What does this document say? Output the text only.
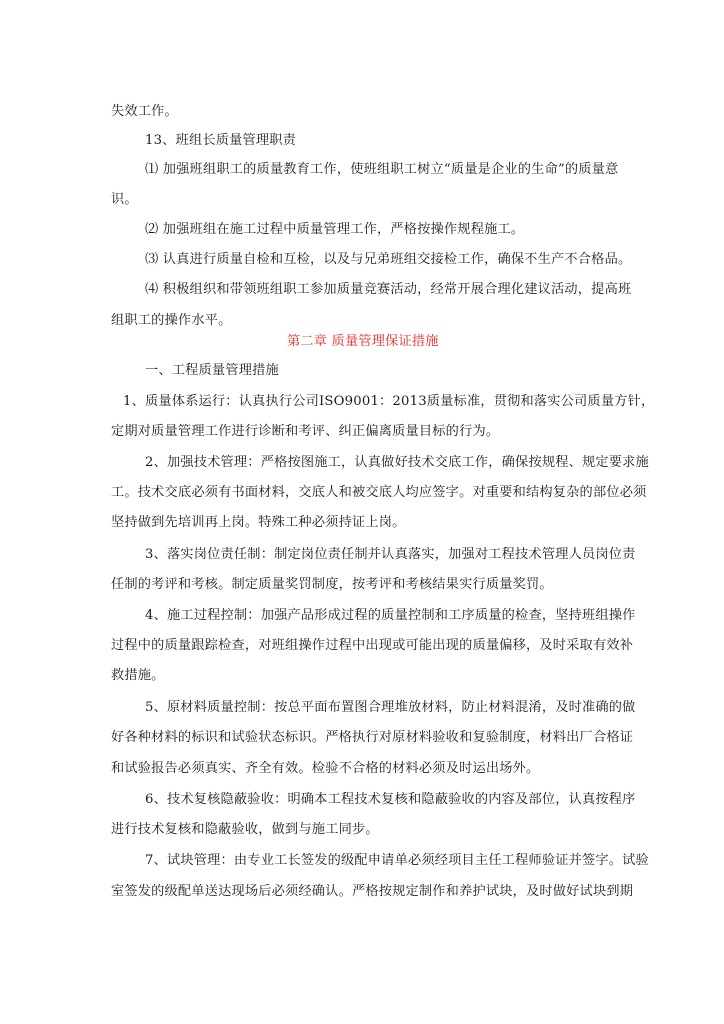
失效工作。
13、班组长质量管理职责
⑴ 加强班组职工的质量教育工作，使班组职工树立“质量是企业的生命”的质量意
识。
⑵ 加强班组在施工过程中质量管理工作，严格按操作规程施工。
⑶ 认真进行质量自检和互检，以及与兄弟班组交接检工作，确保不生产不合格品。
⑷ 积极组织和带领班组职工参加质量竞赛活动，经常开展合理化建议活动，提高班
组职工的操作水平。
第二章 质量管理保证措施
一、工程质量管理措施
1、质量体系运行：认真执行公司ISO9001：2013质量标准，贯彻和落实公司质量方针，
定期对质量管理工作进行诊断和考评、纠正偏离质量目标的行为。
2、加强技术管理：严格按图施工，认真做好技术交底工作，确保按规程、规定要求施
工。技术交底必须有书面材料，交底人和被交底人均应签字。对重要和结构复杂的部位必须
坚持做到先培训再上岗。特殊工种必须持证上岗。
3、落实岗位责任制：制定岗位责任制并认真落实，加强对工程技术管理人员岗位责
任制的考评和考核。制定质量奖罚制度，按考评和考核结果实行质量奖罚。
4、施工过程控制：加强产品形成过程的质量控制和工序质量的检查，坚持班组操作
过程中的质量跟踪检查，对班组操作过程中出现或可能出现的质量偏移，及时采取有效补
救措施。
5、原材料质量控制：按总平面布置图合理堆放材料，防止材料混淆，及时准确的做
好各种材料的标识和试验状态标识。严格执行对原材料验收和复验制度，材料出厂合格证
和试验报告必须真实、齐全有效。检验不合格的材料必须及时运出场外。
6、技术复核隐蔽验收：明确本工程技术复核和隐蔽验收的内容及部位，认真按程序
进行技术复核和隐蔽验收，做到与施工同步。
7、试块管理：由专业工长签发的级配申请单必须经项目主任工程师验证并签字。试验
室签发的级配单送达现场后必须经确认。严格按规定制作和养护试块，及时做好试块到期
